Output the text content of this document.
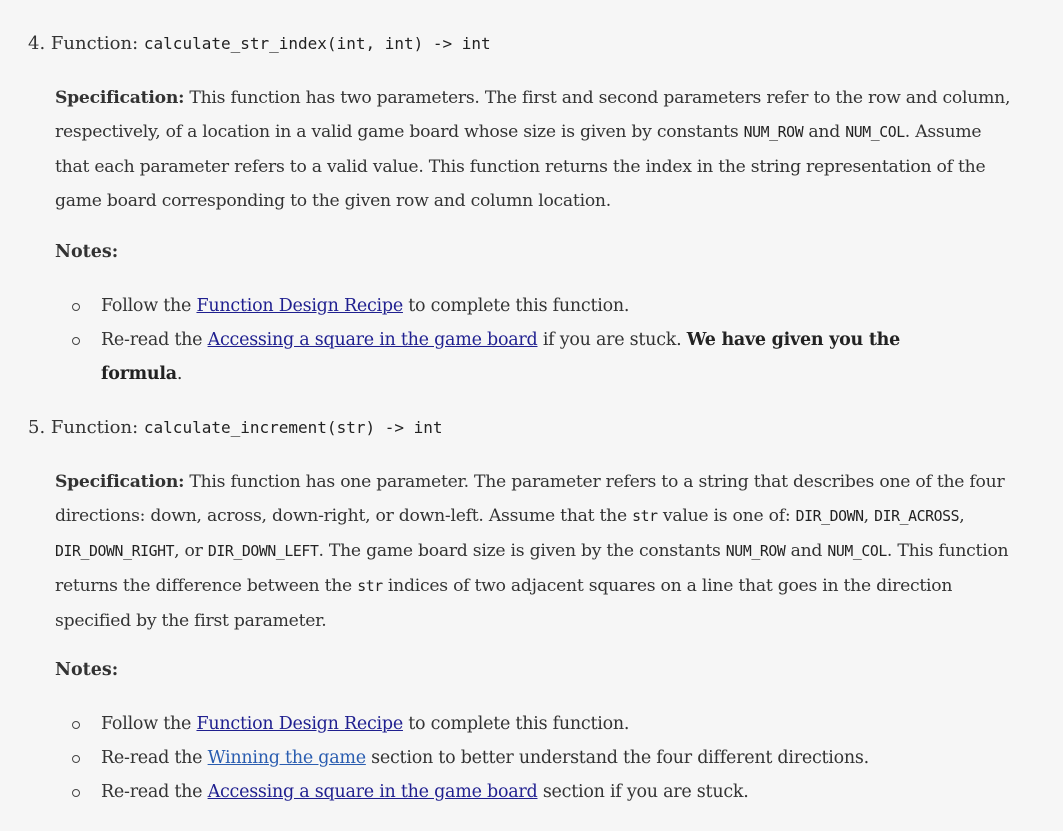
4. Function: calculate_str_index(int, int) -> int

Specification: This function has two parameters. The first and second parameters refer to the row and column, respectively, of a location in a valid game board whose size is given by constants NUM_ROW and NUM_COL. Assume that each parameter refers to a valid value. This function returns the index in the string representation of the game board corresponding to the given row and column location.

Notes:
Follow the Function Design Recipe to complete this function.
Re-read the Accessing a square in the game board if you are stuck. We have given you the formula.
5. Function: calculate_increment(str) -> int

Specification: This function has one parameter. The parameter refers to a string that describes one of the four directions: down, across, down-right, or down-left. Assume that the str value is one of: DIR_DOWN, DIR_ACROSS, DIR_DOWN_RIGHT, or DIR_DOWN_LEFT. The game board size is given by the constants NUM_ROW and NUM_COL. This function returns the difference between the str indices of two adjacent squares on a line that goes in the direction specified by the first parameter.

Notes:
Follow the Function Design Recipe to complete this function.
Re-read the Winning the game section to better understand the four different directions.
Re-read the Accessing a square in the game board section if you are stuck.
